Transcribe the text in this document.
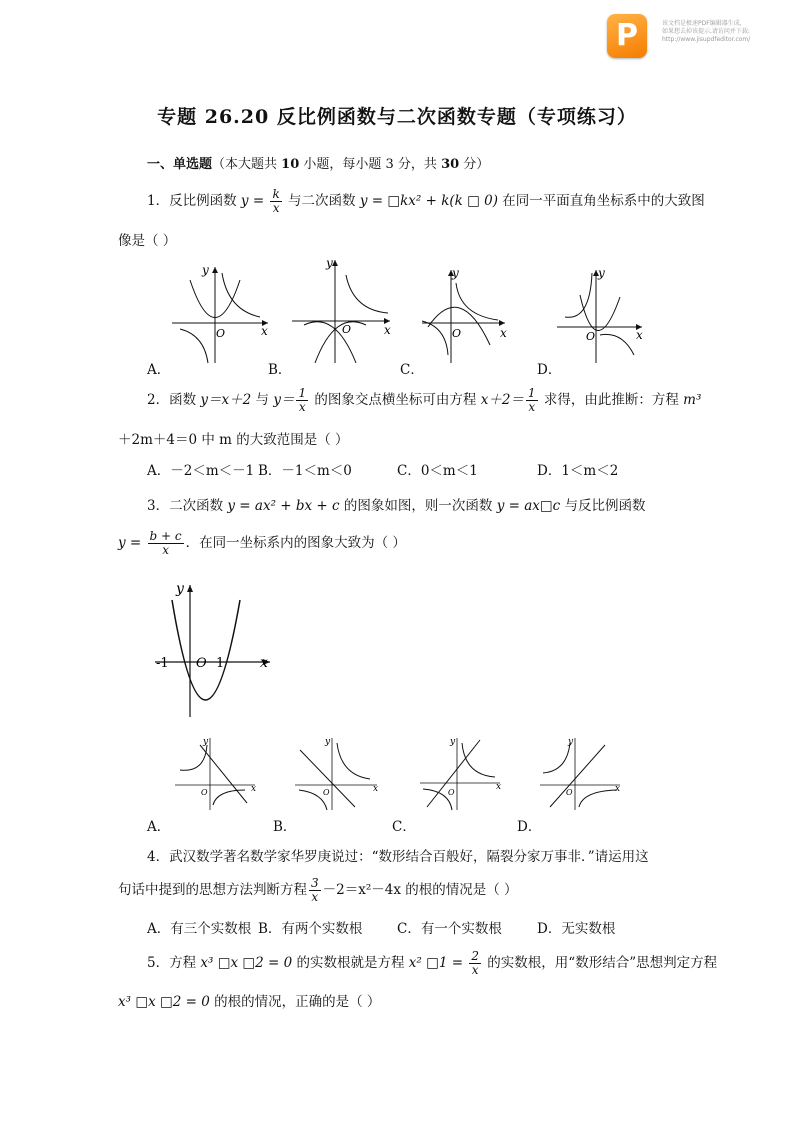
P	该文档是极速PDF编辑器生成,
如果想去掉该提示,请访问并下载:
http://www.jisupdfeditor.com/
专题 26.20 反比例函数与二次函数专题（专项练习）
一、单选题（本大题共 10 小题，每小题 3 分，共 30 分）
1．反比例函数 $y = \frac{k}{x}$ 与二次函数 y = □kx² + k(k □ 0) 在同一平面直角坐标系中的大致图
像是（ ）
y
x
O
y
x
O
y
x
O
y
x
O
A．	B．	C．	D．
2．函数 y＝x＋2 与 $y= \frac{1}{x}$ 的图象交点横坐标可由方程 $x+2= \frac{1}{x}$ 求得，由此推断：方程 m³
＋2m＋4＝0 中 m 的大致范围是（ ）
A．－2＜m＜－1 B．－1＜m＜0	C．0＜m＜1	D．1＜m＜2
3．二次函数 y = ax² + bx + c 的图象如图，则一次函数 y = ax□c 与反比例函数
$y = \frac{b + c}{x}$ ．在同一坐标系内的图象大致为（ ）
y
x
O
-1	1
y
x
O
y
x
O
y
x
O
y
x
O
A．	B．	C．	D．
4．武汉数学著名数学家华罗庚说过：“数形结合百般好，隔裂分家万事非．”请运用这
句话中提到的思想方法判断方程 $\frac{3}{x} -2=x^2-4x$ 的根的情况是（ ）
A．有三个实数根 B．有两个实数根	C．有一个实数根	D．无实数根
5．方程 x³ □x □2 = 0 的实数根就是方程 x² □1 = $\frac{2}{x}$ 的实数根，用“数形结合”思想判定方程
x³ □x □2 = 0 的根的情况，正确的是（ ）
